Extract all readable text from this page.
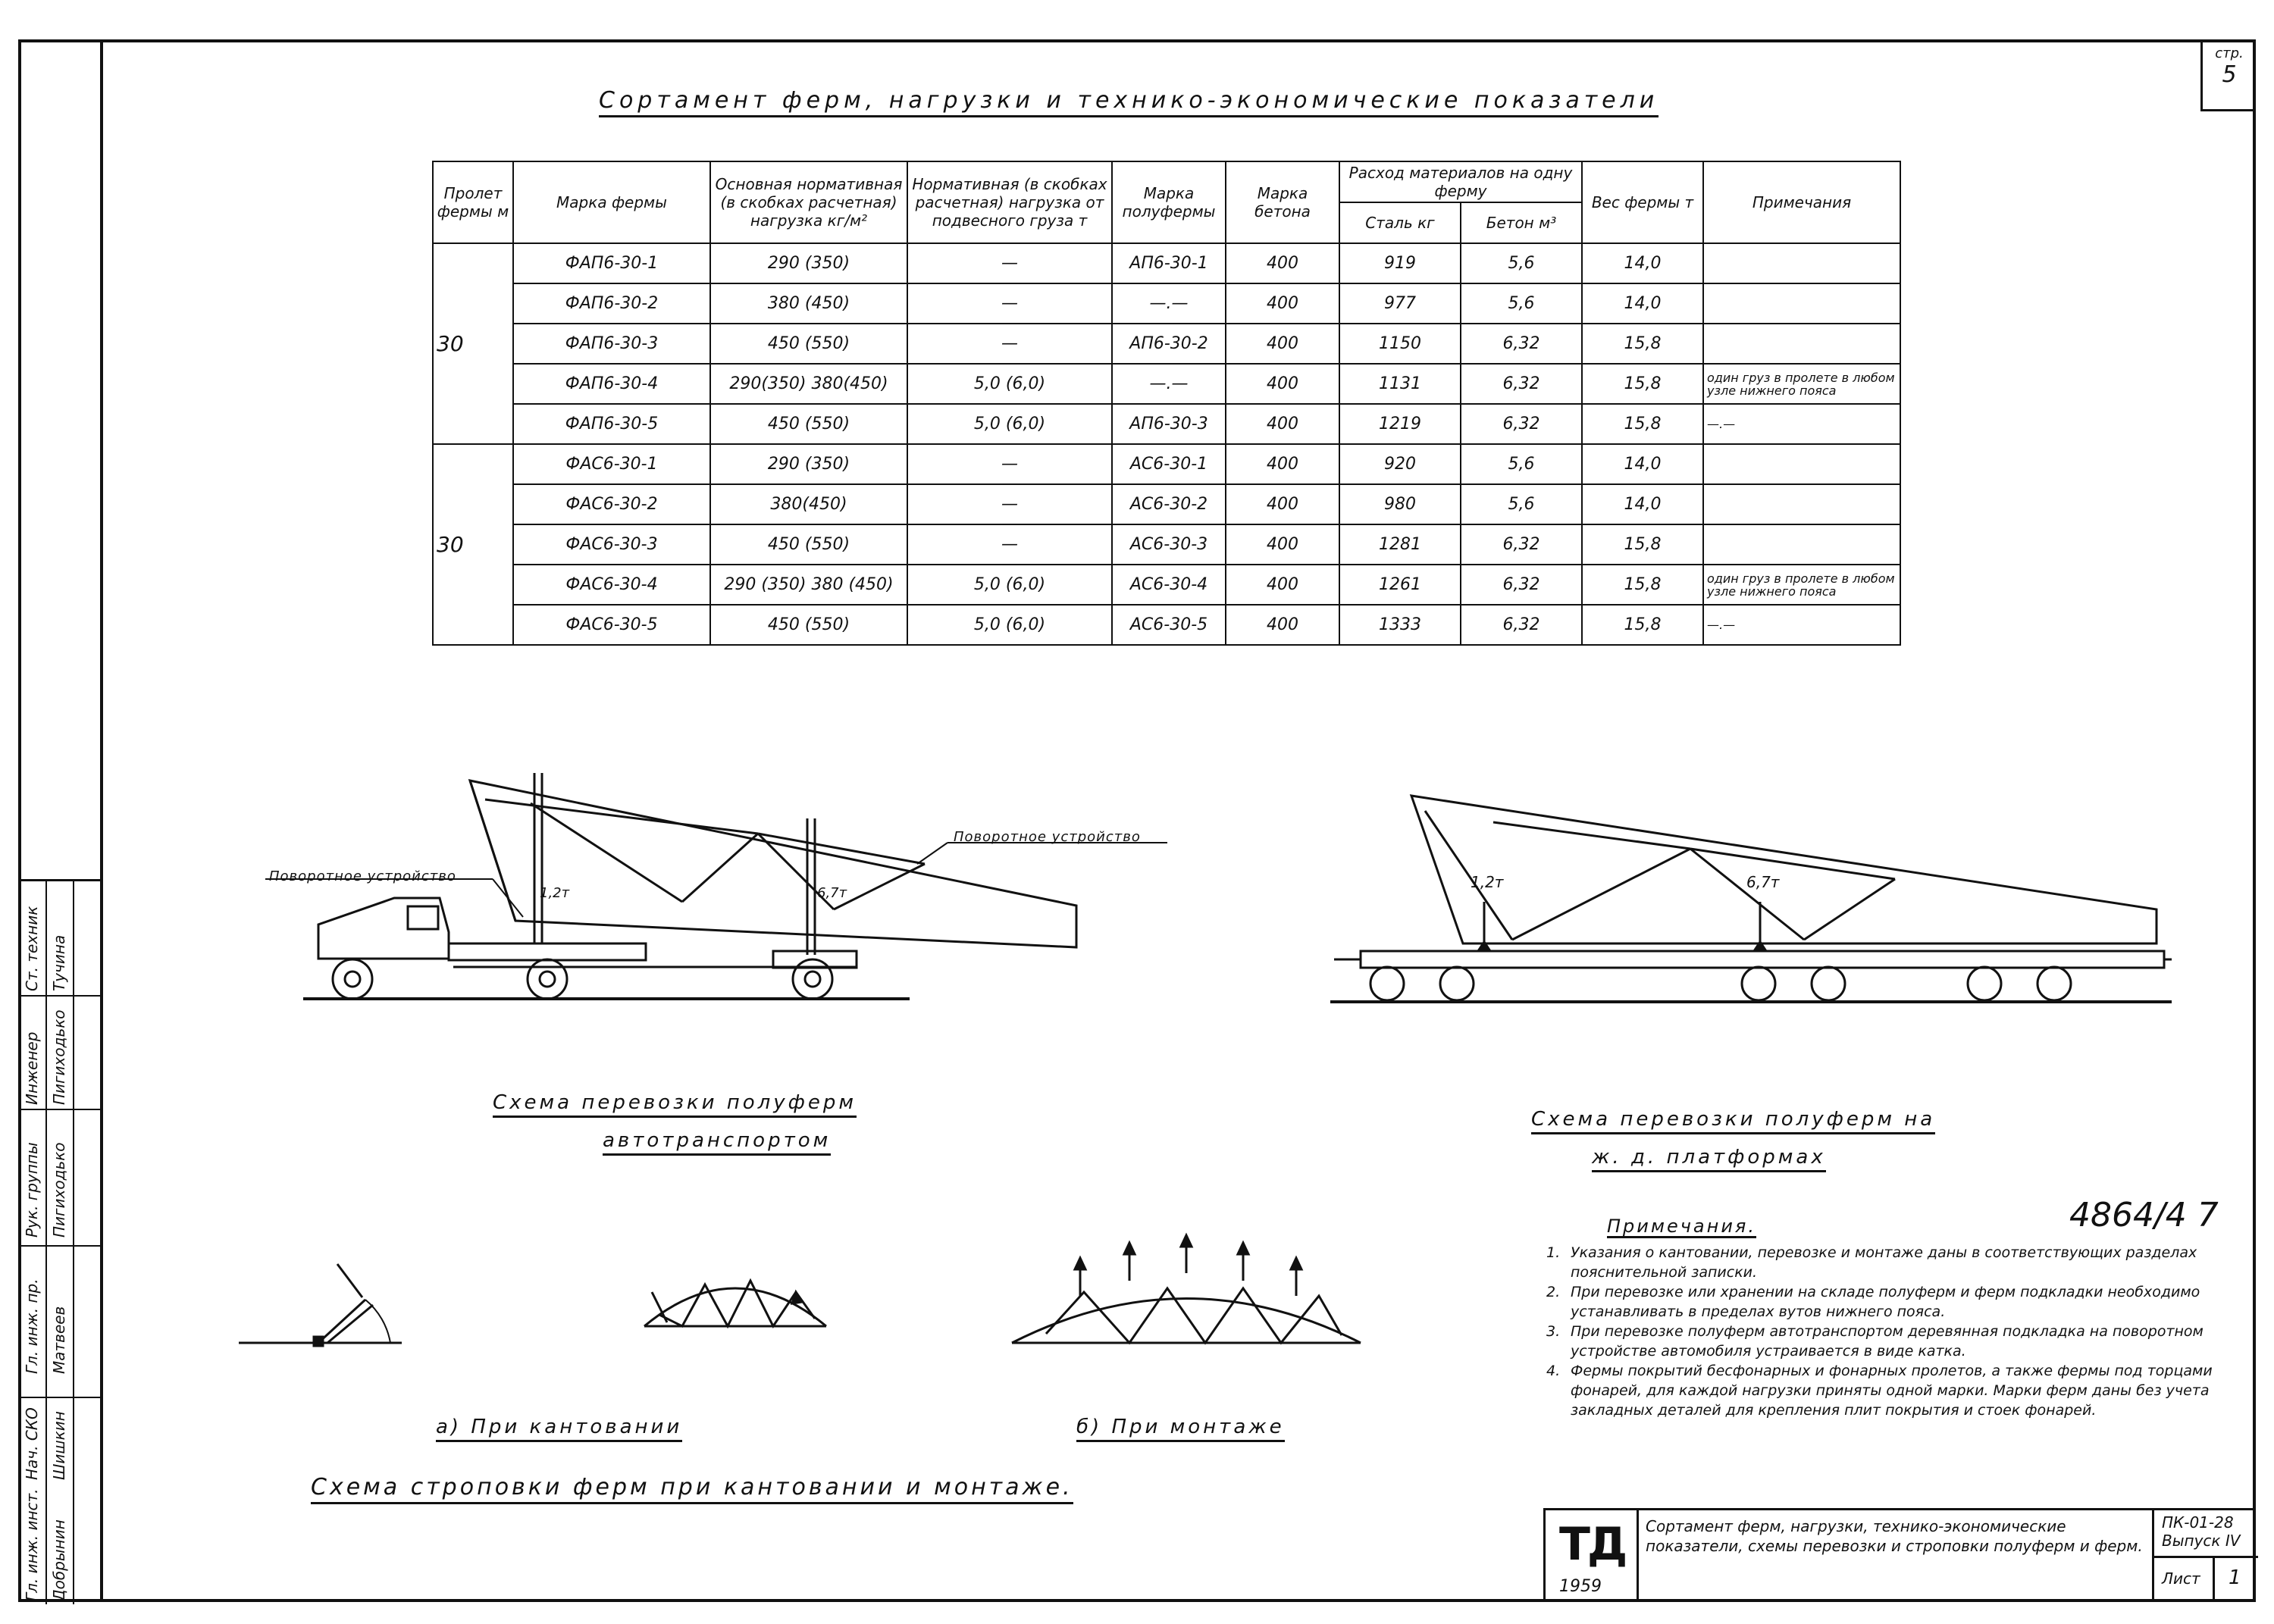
Гл. инж. инст.
Нач. СКО
Гл. инж. пр.
Рук. группы
Инженер
Ст. техник
Добрынин
Шишкин
Матвеев
Пигиходько
Пигиходько
Тучина
стр.
5
Сортамент ферм, нагрузки и технико-экономические показатели
Пролет фермы м	Марка фермы	Основная нормативная (в скобках расчетная) нагрузка кг/м²	Нормативная (в скобках расчетная) нагрузка от подвесного груза т	Марка полуфермы	Марка бетона	Расход материалов на одну ферму		Вес фермы т	Примечания
						Сталь кг	Бетон м³		
30	ФАП6-30-1	290 (350)	—	АП6-30-1	400	919	5,6	14,0	
	ФАП6-30-2	380 (450)	—	—.—	400	977	5,6	14,0	
	ФАП6-30-3	450 (550)	—	АП6-30-2	400	1150	6,32	15,8	
	ФАП6-30-4	290(350) 380(450)	5,0 (6,0)	—.—	400	1131	6,32	15,8	один груз в пролете в любом узле нижнего пояса
	ФАП6-30-5	450 (550)	5,0 (6,0)	АП6-30-3	400	1219	6,32	15,8	—.—
30	ФАС6-30-1	290 (350)	—	АС6-30-1	400	920	5,6	14,0	
	ФАС6-30-2	380(450)	—	АС6-30-2	400	980	5,6	14,0	
	ФАС6-30-3	450 (550)	—	АС6-30-3	400	1281	6,32	15,8	
	ФАС6-30-4	290 (350) 380 (450)	5,0 (6,0)	АС6-30-4	400	1261	6,32	15,8	один груз в пролете в любом узле нижнего пояса
	ФАС6-30-5	450 (550)	5,0 (6,0)	АС6-30-5	400	1333	6,32	15,8	—.—
Поворотное устройство
Поворотное устройство
1,2т	6,7т
1,2т	6,7т
Схема перевозки полуферм
автотранспортом
Схема перевозки полуферм на
ж. д. платформах
а) При кантовании	б) При монтаже
Схема строповки ферм при кантовании и монтаже.
4864/4 7
Примечания.
1. Указания о кантовании, перевозке и монтаже даны в соответствующих разделах пояснительной записки.
2. При перевозке или хранении на складе полуферм и ферм подкладки необходимо устанавливать в пределах вутов нижнего пояса.
3. При перевозке полуферм автотранспортом деревянная подкладка на поворотном устройстве автомобиля устраивается в виде катка.
4. Фермы покрытий бесфонарных и фонарных пролетов, а также фермы под торцами фонарей, для каждой нагрузки приняты одной марки. Марки ферм даны без учета закладных деталей для крепления плит покрытия и стоек фонарей.
ТД
1959
Сортамент ферм, нагрузки, технико-экономические показатели, схемы перевозки и строповки полуферм и ферм.
ПК-01-28
Выпуск IV
Лист	1
